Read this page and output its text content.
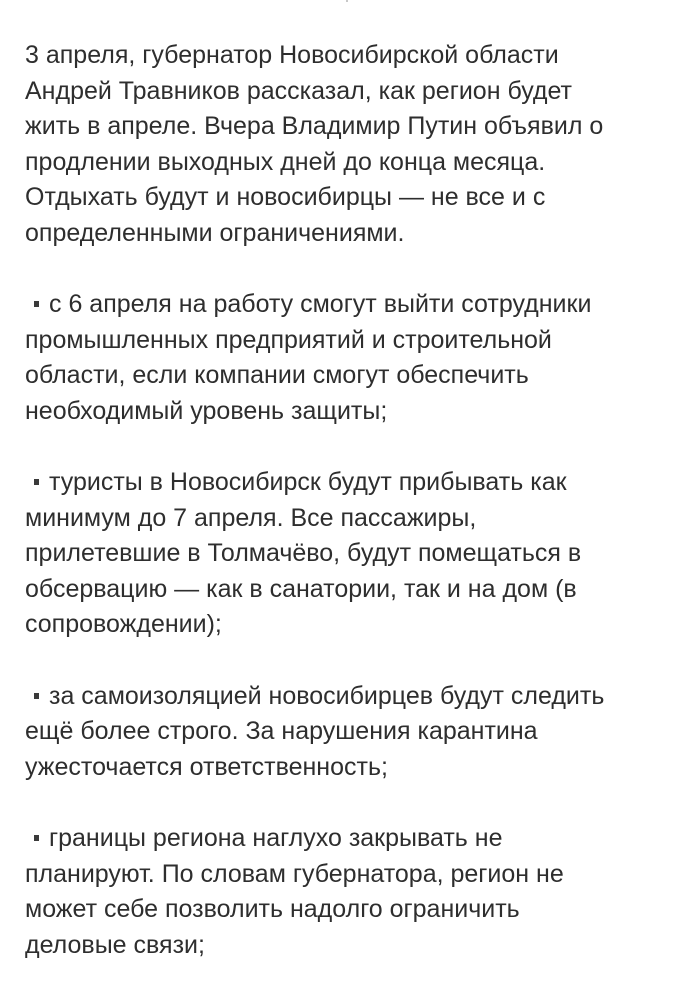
3 апреля, губернатор Новосибирской области
Андрей Травников рассказал, как регион будет
жить в апреле. Вчера Владимир Путин объявил о
продлении выходных дней до конца месяца.
Отдыхать будут и новосибирцы — не все и с
определенными ограничениями.

с 6 апреля на работу смогут выйти сотрудники
промышленных предприятий и строительной
области, если компании смогут обеспечить
необходимый уровень защиты;

туристы в Новосибирск будут прибывать как
минимум до 7 апреля. Все пассажиры,
прилетевшие в Толмачёво, будут помещаться в
обсервацию — как в санатории, так и на дом (в
сопровождении);

за самоизоляцией новосибирцев будут следить
ещё более строго. За нарушения карантина
ужесточается ответственность;

границы региона наглухо закрывать не
планируют. По словам губернатора, регион не
может себе позволить надолго ограничить
деловые связи;
